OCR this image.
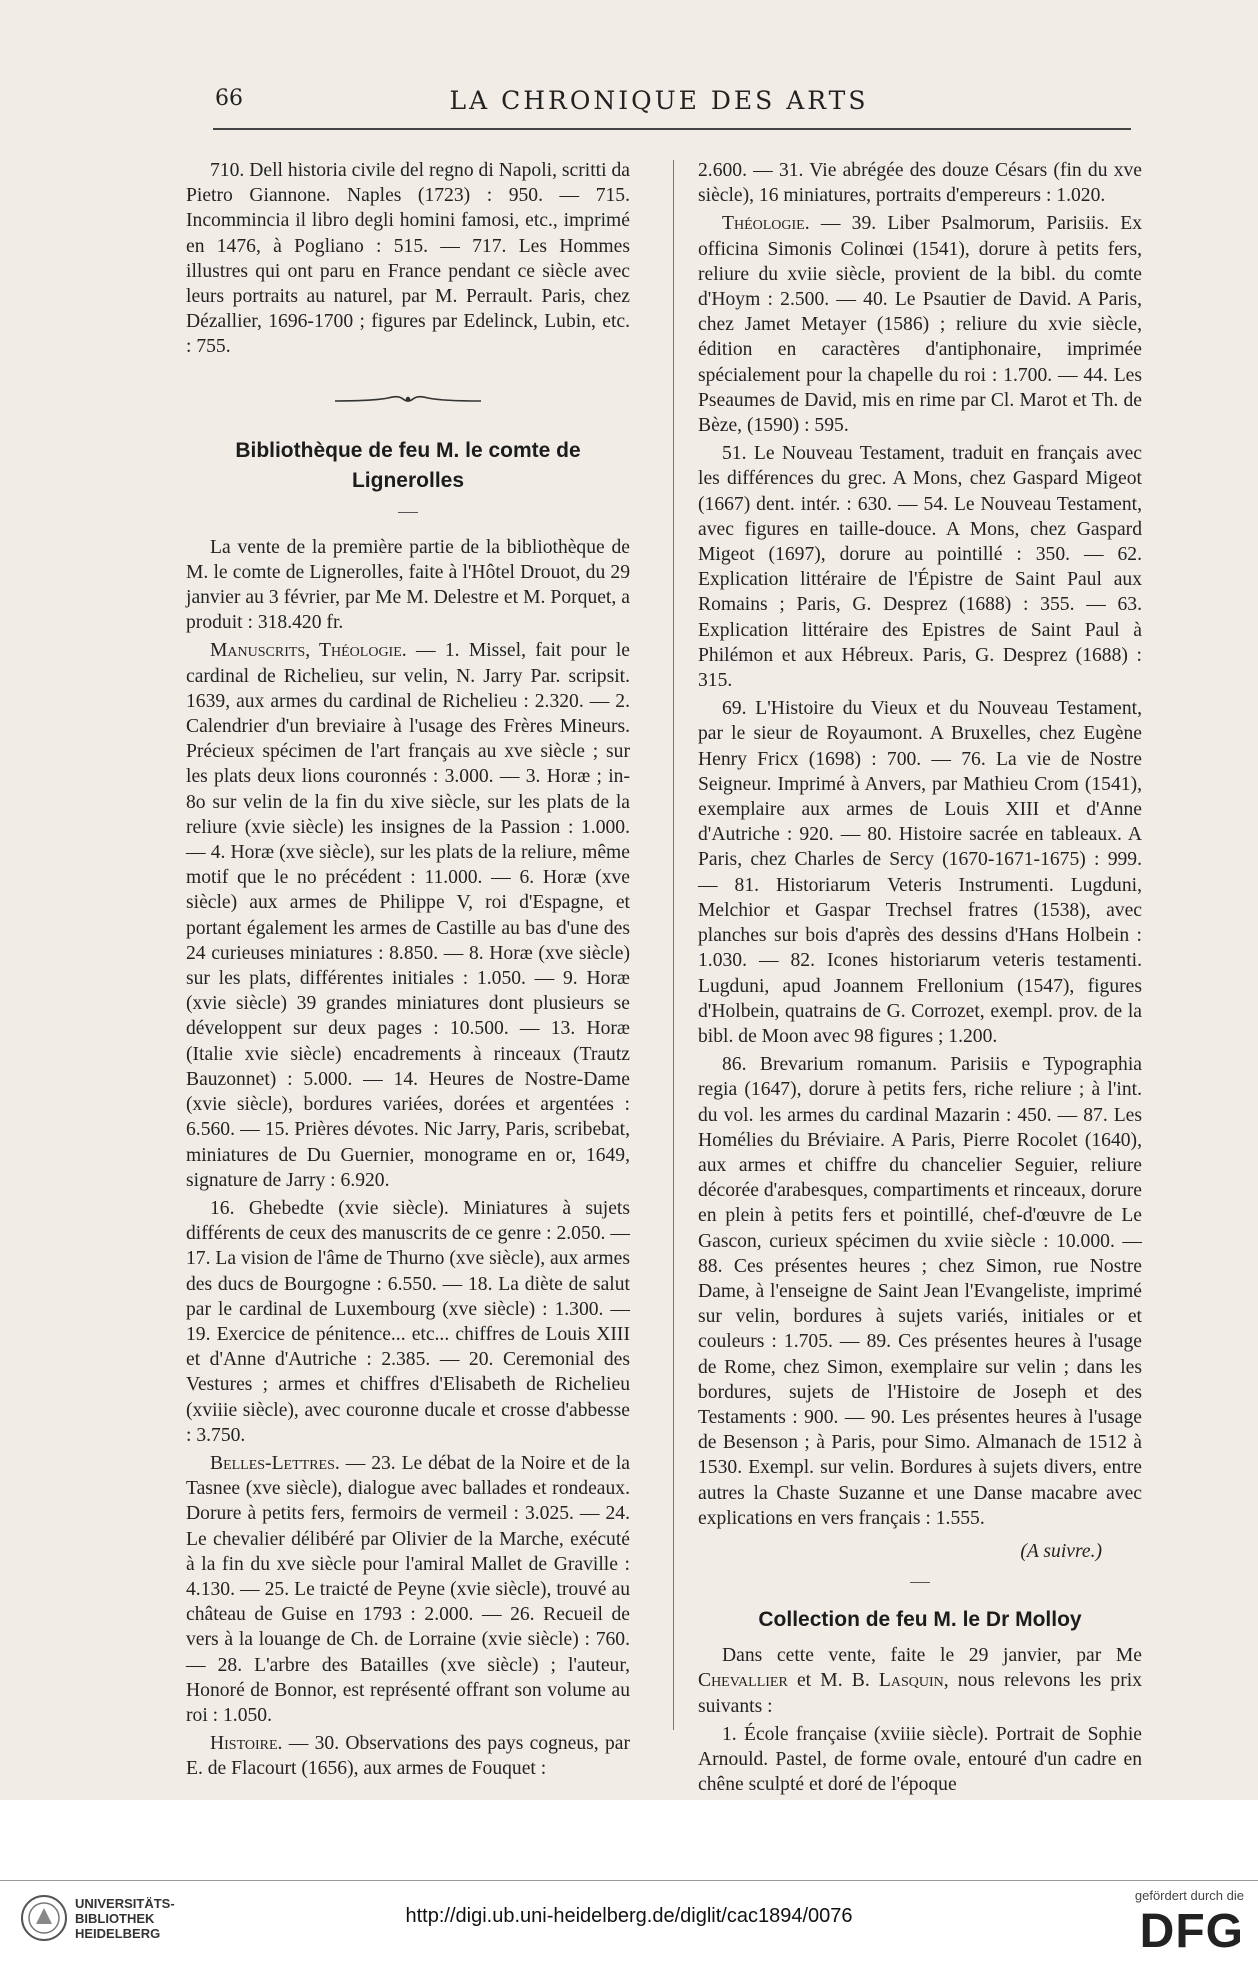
66	LA CHRONIQUE DES ARTS

710. Dell historia civile del regno di Napoli, scritti da Pietro Giannone. Naples (1723) : 950. — 715. Incommincia il libro degli homini famosi, etc., imprimé en 1476, à Pogliano : 515. — 717. Les Hommes illustres qui ont paru en France pendant ce siècle avec leurs portraits au naturel, par M. Perrault. Paris, chez Dézallier, 1696-1700 ; figures par Edelinck, Lubin, etc. : 755.

Bibliothèque de feu M. le comte de
Lignerolles

La vente de la première partie de la bibliothèque de M. le comte de Lignerolles, faite à l'Hôtel Drouot, du 29 janvier au 3 février, par Me M. Delestre et M. Porquet, a produit : 318.420 fr.

Manuscrits, Théologie. — 1. Missel, fait pour le cardinal de Richelieu, sur velin, N. Jarry Par. scripsit. 1639, aux armes du cardinal de Richelieu : 2.320. — 2. Calendrier d'un breviaire à l'usage des Frères Mineurs. Précieux spécimen de l'art français au xve siècle ; sur les plats deux lions couronnés : 3.000. — 3. Horæ ; in-8o sur velin de la fin du xive siècle, sur les plats de la reliure (xvie siècle) les insignes de la Passion : 1.000. — 4. Horæ (xve siècle), sur les plats de la reliure, même motif que le no précédent : 11.000. — 6. Horæ (xve siècle) aux armes de Philippe V, roi d'Espagne, et portant également les armes de Castille au bas d'une des 24 curieuses miniatures : 8.850. — 8. Horæ (xve siècle) sur les plats, différentes initiales : 1.050. — 9. Horæ (xvie siècle) 39 grandes miniatures dont plusieurs se développent sur deux pages : 10.500. — 13. Horæ (Italie xvie siècle) encadrements à rinceaux (Trautz Bauzonnet) : 5.000. — 14. Heures de Nostre-Dame (xvie siècle), bordures variées, dorées et argentées : 6.560. — 15. Prières dévotes. Nic Jarry, Paris, scribebat, miniatures de Du Guernier, monograme en or, 1649, signature de Jarry : 6.920.

16. Ghebedte (xvie siècle). Miniatures à sujets différents de ceux des manuscrits de ce genre : 2.050. — 17. La vision de l'âme de Thurno (xve siècle), aux armes des ducs de Bourgogne : 6.550. — 18. La diète de salut par le cardinal de Luxembourg (xve siècle) : 1.300. — 19. Exercice de pénitence... etc... chiffres de Louis XIII et d'Anne d'Autriche : 2.385. — 20. Ceremonial des Vestures ; armes et chiffres d'Elisabeth de Richelieu (xviiie siècle), avec couronne ducale et crosse d'abbesse : 3.750.

Belles-Lettres. — 23. Le débat de la Noire et de la Tasnee (xve siècle), dialogue avec ballades et rondeaux. Dorure à petits fers, fermoirs de vermeil : 3.025. — 24. Le chevalier délibéré par Olivier de la Marche, exécuté à la fin du xve siècle pour l'amiral Mallet de Graville : 4.130. — 25. Le traicté de Peyne (xvie siècle), trouvé au château de Guise en 1793 : 2.000. — 26. Recueil de vers à la louange de Ch. de Lorraine (xvie siècle) : 760. — 28. L'arbre des Batailles (xve siècle) ; l'auteur, Honoré de Bonnor, est représenté offrant son volume au roi : 1.050.

Histoire. — 30. Observations des pays cogneus, par E. de Flacourt (1656), aux armes de Fouquet :

2.600. — 31. Vie abrégée des douze Césars (fin du xve siècle), 16 miniatures, portraits d'empereurs : 1.020.

Théologie. — 39. Liber Psalmorum, Parisiis. Ex officina Simonis Colinœi (1541), dorure à petits fers, reliure du xviie siècle, provient de la bibl. du comte d'Hoym : 2.500. — 40. Le Psautier de David. A Paris, chez Jamet Metayer (1586) ; reliure du xvie siècle, édition en caractères d'antiphonaire, imprimée spécialement pour la chapelle du roi : 1.700. — 44. Les Pseaumes de David, mis en rime par Cl. Marot et Th. de Bèze, (1590) : 595.

51. Le Nouveau Testament, traduit en français avec les différences du grec. A Mons, chez Gaspard Migeot (1667) dent. intér. : 630. — 54. Le Nouveau Testament, avec figures en taille-douce. A Mons, chez Gaspard Migeot (1697), dorure au pointillé : 350. — 62. Explication littéraire de l'Épistre de Saint Paul aux Romains ; Paris, G. Desprez (1688) : 355. — 63. Explication littéraire des Epistres de Saint Paul à Philémon et aux Hébreux. Paris, G. Desprez (1688) : 315.

69. L'Histoire du Vieux et du Nouveau Testament, par le sieur de Royaumont. A Bruxelles, chez Eugène Henry Fricx (1698) : 700. — 76. La vie de Nostre Seigneur. Imprimé à Anvers, par Mathieu Crom (1541), exemplaire aux armes de Louis XIII et d'Anne d'Autriche : 920. — 80. Histoire sacrée en tableaux. A Paris, chez Charles de Sercy (1670-1671-1675) : 999. — 81. Historiarum Veteris Instrumenti. Lugduni, Melchior et Gaspar Trechsel fratres (1538), avec planches sur bois d'après des dessins d'Hans Holbein : 1.030. — 82. Icones historiarum veteris testamenti. Lugduni, apud Joannem Frellonium (1547), figures d'Holbein, quatrains de G. Corrozet, exempl. prov. de la bibl. de Moon avec 98 figures ; 1.200.

86. Brevarium romanum. Parisiis e Typographia regia (1647), dorure à petits fers, riche reliure ; à l'int. du vol. les armes du cardinal Mazarin : 450. — 87. Les Homélies du Bréviaire. A Paris, Pierre Rocolet (1640), aux armes et chiffre du chancelier Seguier, reliure décorée d'arabesques, compartiments et rinceaux, dorure en plein à petits fers et pointillé, chef-d'œuvre de Le Gascon, curieux spécimen du xviie siècle : 10.000. — 88. Ces présentes heures ; chez Simon, rue Nostre Dame, à l'enseigne de Saint Jean l'Evangeliste, imprimé sur velin, bordures à sujets variés, initiales or et couleurs : 1.705. — 89. Ces présentes heures à l'usage de Rome, chez Simon, exemplaire sur velin ; dans les bordures, sujets de l'Histoire de Joseph et des Testaments : 900. — 90. Les présentes heures à l'usage de Besenson ; à Paris, pour Simo. Almanach de 1512 à 1530. Exempl. sur velin. Bordures à sujets divers, entre autres la Chaste Suzanne et une Danse macabre avec explications en vers français : 1.555.

(A suivre.)
Collection de feu M. le Dr Molloy

Dans cette vente, faite le 29 janvier, par Me Chevallier et M. B. Lasquin, nous relevons les prix suivants :

1. École française (xviiie siècle). Portrait de Sophie Arnould. Pastel, de forme ovale, entouré d'un cadre en chêne sculpté et doré de l'époque

UNIVERSITÄTS-
BIBLIOTHEK
HEIDELBERG
http://digi.ub.uni-heidelberg.de/diglit/cac1894/0076
gefördert durch die
DFG
